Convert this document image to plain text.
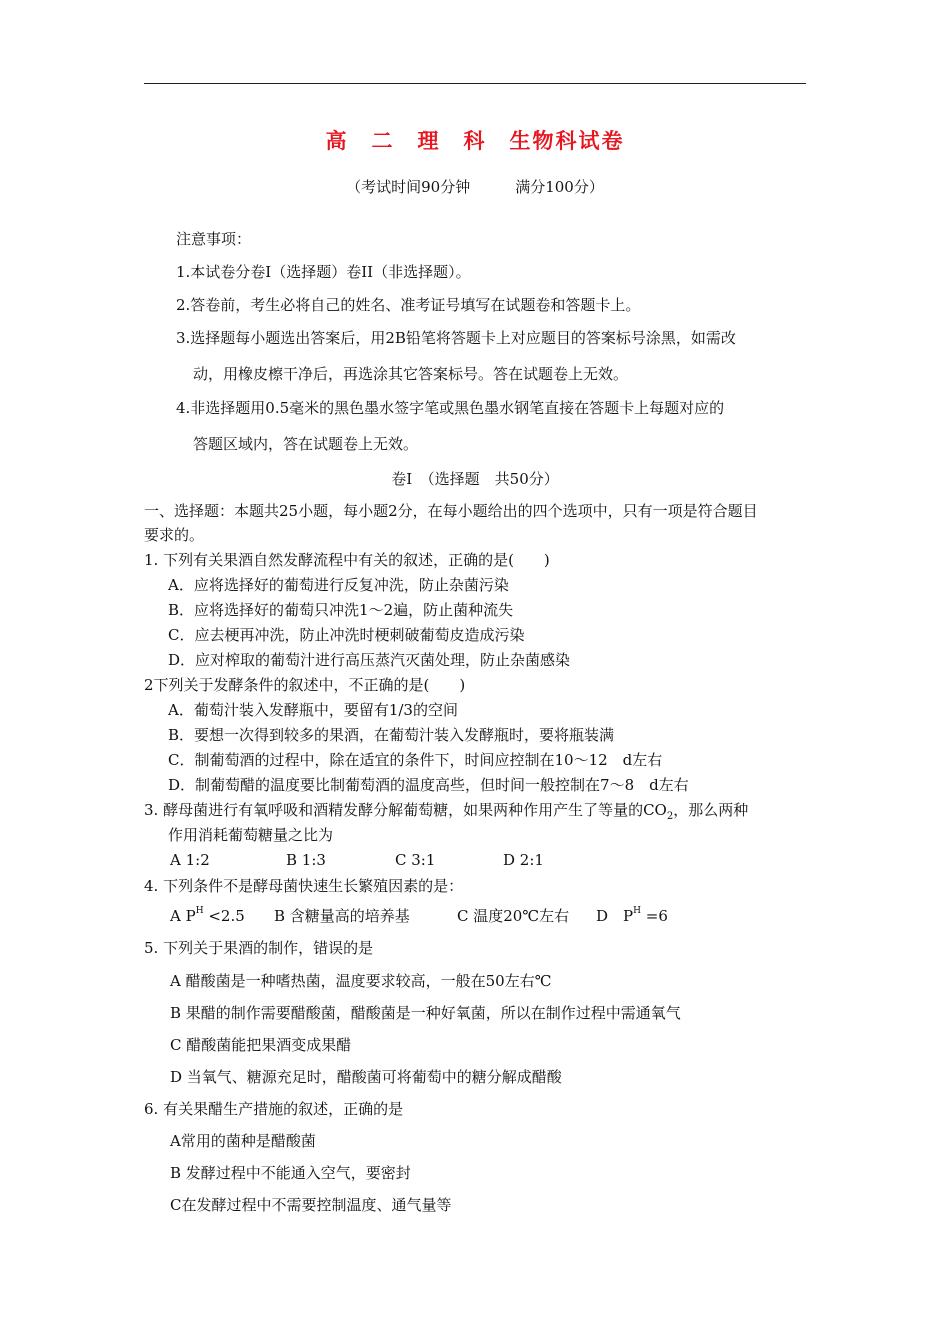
高　二　理　科　生物科试卷
（考试时间90分钟　　　满分100分）
注意事项：
1.本试卷分卷I（选择题）卷II（非选择题）。
2.答卷前，考生必将自己的姓名、准考证号填写在试题卷和答题卡上。
3.选择题每小题选出答案后，用2B铅笔将答题卡上对应题目的答案标号涂黑，如需改
动，用橡皮檫干净后，再选涂其它答案标号。答在试题卷上无效。
4.非选择题用0.5毫米的黑色墨水签字笔或黑色墨水钢笔直接在答题卡上每题对应的
答题区域内，答在试题卷上无效。
卷I　（选择题　共50分）
一、选择题：本题共25小题，每小题2分，在每小题给出的四个选项中，只有一项是符合题目
要求的。
1. 下列有关果酒自然发酵流程中有关的叙述，正确的是(　　)
A．应将选择好的葡萄进行反复冲洗，防止杂菌污染
B．应将选择好的葡萄只冲洗1～2遍，防止菌种流失
C．应去梗再冲洗，防止冲洗时梗刺破葡萄皮造成污染
D．应对榨取的葡萄汁进行高压蒸汽灭菌处理，防止杂菌感染
2下列关于发酵条件的叙述中，不正确的是(　　)
A．葡萄汁装入发酵瓶中，要留有1/3的空间
B．要想一次得到较多的果酒，在葡萄汁装入发酵瓶时，要将瓶装满
C．制葡萄酒的过程中，除在适宜的条件下，时间应控制在10～12　d左右
D．制葡萄醋的温度要比制葡萄酒的温度高些，但时间一般控制在7～8　d左右
3. 酵母菌进行有氧呼吸和酒精发酵分解葡萄糖，如果两种作用产生了等量的$CO_2$，那么两种
作用消耗葡萄糖量之比为
A 1:2	B 1:3	C 3:1	D 2:1
4. 下列条件不是酵母菌快速生长繁殖因素的是：
A $P^H <2.5$ B 含糖量高的培养基	C 温度20℃左右 D　$P^H =6$
5. 下列关于果酒的制作，错误的是
A 醋酸菌是一种嗜热菌，温度要求较高，一般在50左右℃
B 果醋的制作需要醋酸菌，醋酸菌是一种好氧菌，所以在制作过程中需通氧气
C 醋酸菌能把果酒变成果醋
D 当氧气、糖源充足时，醋酸菌可将葡萄中的糖分解成醋酸
6. 有关果醋生产措施的叙述，正确的是
A常用的菌种是醋酸菌
B 发酵过程中不能通入空气，要密封
C在发酵过程中不需要控制温度、通气量等
